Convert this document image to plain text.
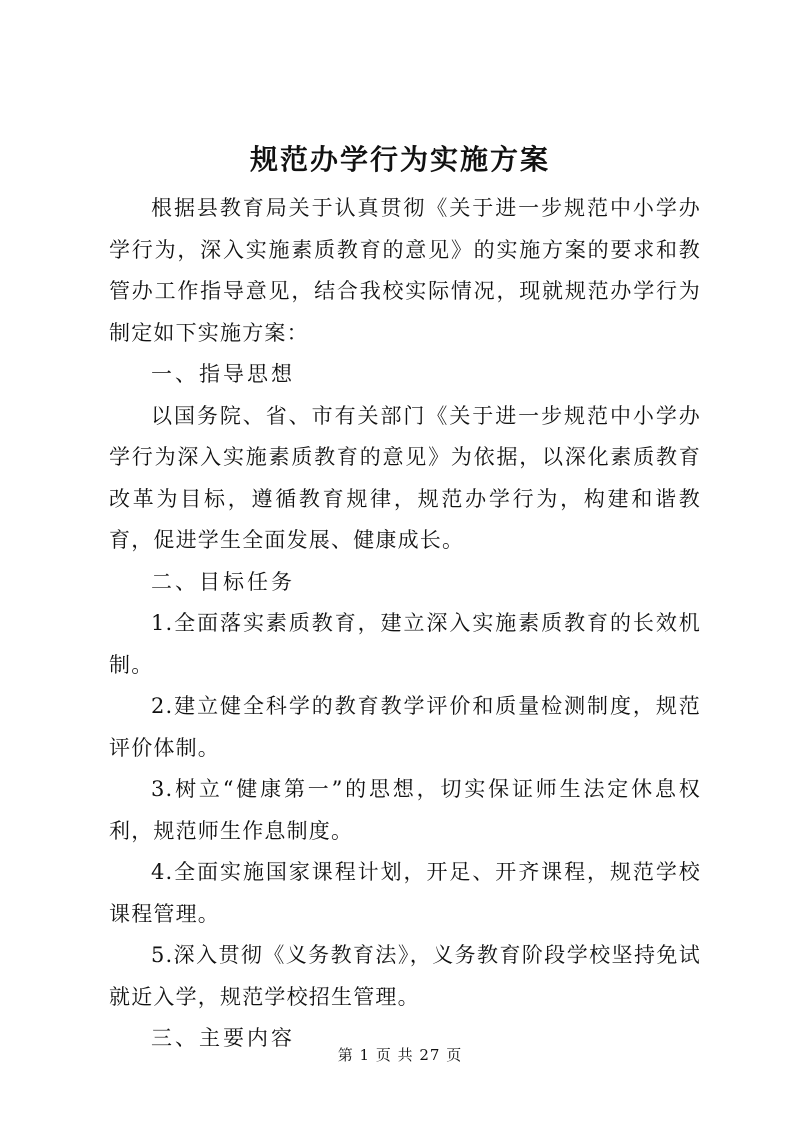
规范办学行为实施方案

根据县教育局关于认真贯彻《关于进一步规范中小学办学行为，深入实施素质教育的意见》的实施方案的要求和教管办工作指导意见，结合我校实际情况，现就规范办学行为制定如下实施方案：

一、指导思想

以国务院、省、市有关部门《关于进一步规范中小学办学行为深入实施素质教育的意见》为依据，以深化素质教育改革为目标，遵循教育规律，规范办学行为，构建和谐教育，促进学生全面发展、健康成长。

二、目标任务

1.全面落实素质教育，建立深入实施素质教育的长效机制。

2.建立健全科学的教育教学评价和质量检测制度，规范评价体制。

3.树立“健康第一”的思想，切实保证师生法定休息权利，规范师生作息制度。

4.全面实施国家课程计划，开足、开齐课程，规范学校课程管理。

5.深入贯彻《义务教育法》，义务教育阶段学校坚持免试就近入学，规范学校招生管理。

三、主要内容

第 1 页 共 27 页
